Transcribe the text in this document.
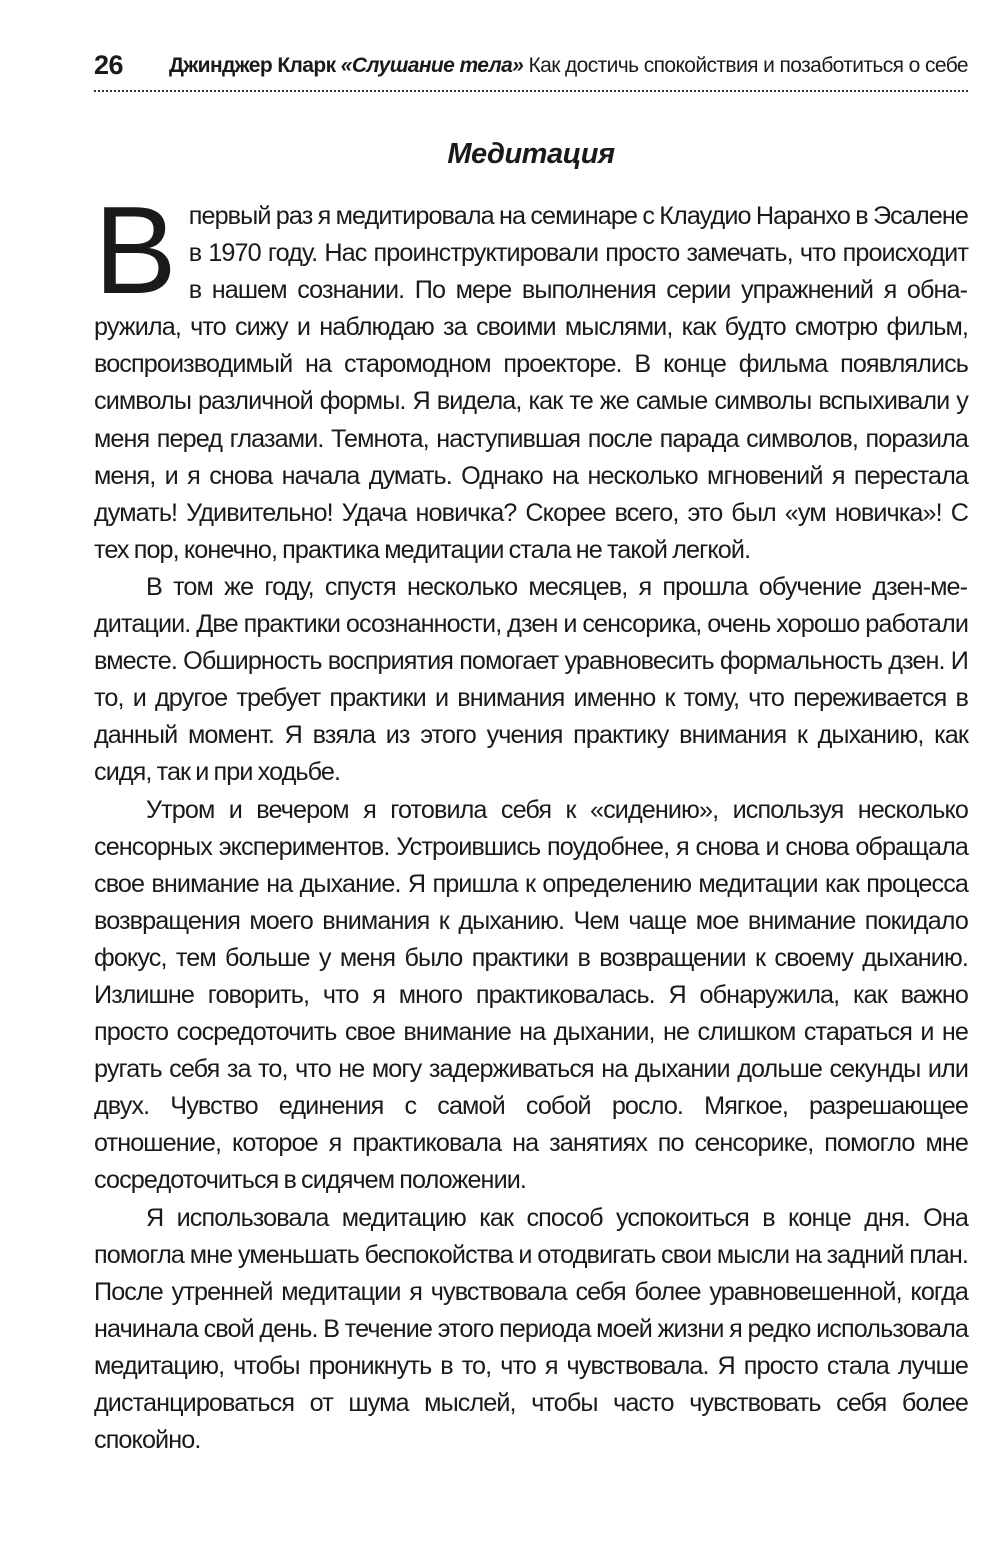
26 Джинджер Кларк «Слушание тела» Как достичь спокойствия и позаботиться о себе
Медитация

Впервый раз я медитировала на семинаре с Клаудио Наранхо в Эсалене в 1970 году. Нас проинструктировали просто замечать, что происходит в нашем сознании. По мере выполнения серии упражнений я обнаружила, что сижу и наблюдаю за своими мыслями, как будто смотрю фильм, воспроизводимый на старомодном проекторе. В конце фильма появлялись символы различной формы. Я видела, как те же самые символы вспыхивали у меня перед глазами. Темнота, наступившая после парада символов, поразила меня, и я снова начала думать. Однако на несколько мгновений я перестала думать! Удивительно! Удача новичка? Скорее всего, это был «ум новичка»! С тех пор, конечно, практика медитации стала не такой легкой.

В том же году, спустя несколько месяцев, я прошла обучение дзен-медитации. Две практики осознанности, дзен и сенсорика, очень хорошо работали вместе. Обширность восприятия помогает уравновесить формальность дзен. И то, и другое требует практики и внимания именно к тому, что переживается в данный момент. Я взяла из этого учения практику внимания к дыханию, как сидя, так и при ходьбе.

Утром и вечером я готовила себя к «сидению», используя несколько сенсорных экспериментов. Устроившись поудобнее, я снова и снова обращала свое внимание на дыхание. Я пришла к определению медитации как процесса возвращения моего внимания к дыханию. Чем чаще мое внимание покидало фокус, тем больше у меня было практики в возвращении к своему дыханию. Излишне говорить, что я много практиковалась. Я обнаружила, как важно просто сосредоточить свое внимание на дыхании, не слишком стараться и не ругать себя за то, что не могу задерживаться на дыхании дольше секунды или двух. Чувство единения с самой собой росло. Мягкое, разрешающее отношение, которое я практиковала на занятиях по сенсорике, помогло мне сосредоточиться в сидячем положении.

Я использовала медитацию как способ успокоиться в конце дня. Она помогла мне уменьшать беспокойства и отодвигать свои мысли на задний план. После утренней медитации я чувствовала себя более уравновешенной, когда начинала свой день. В течение этого периода моей жизни я редко использовала медитацию, чтобы проникнуть в то, что я чувствовала. Я просто стала лучше дистанцироваться от шума мыслей, чтобы часто чувствовать себя более спокойно.
